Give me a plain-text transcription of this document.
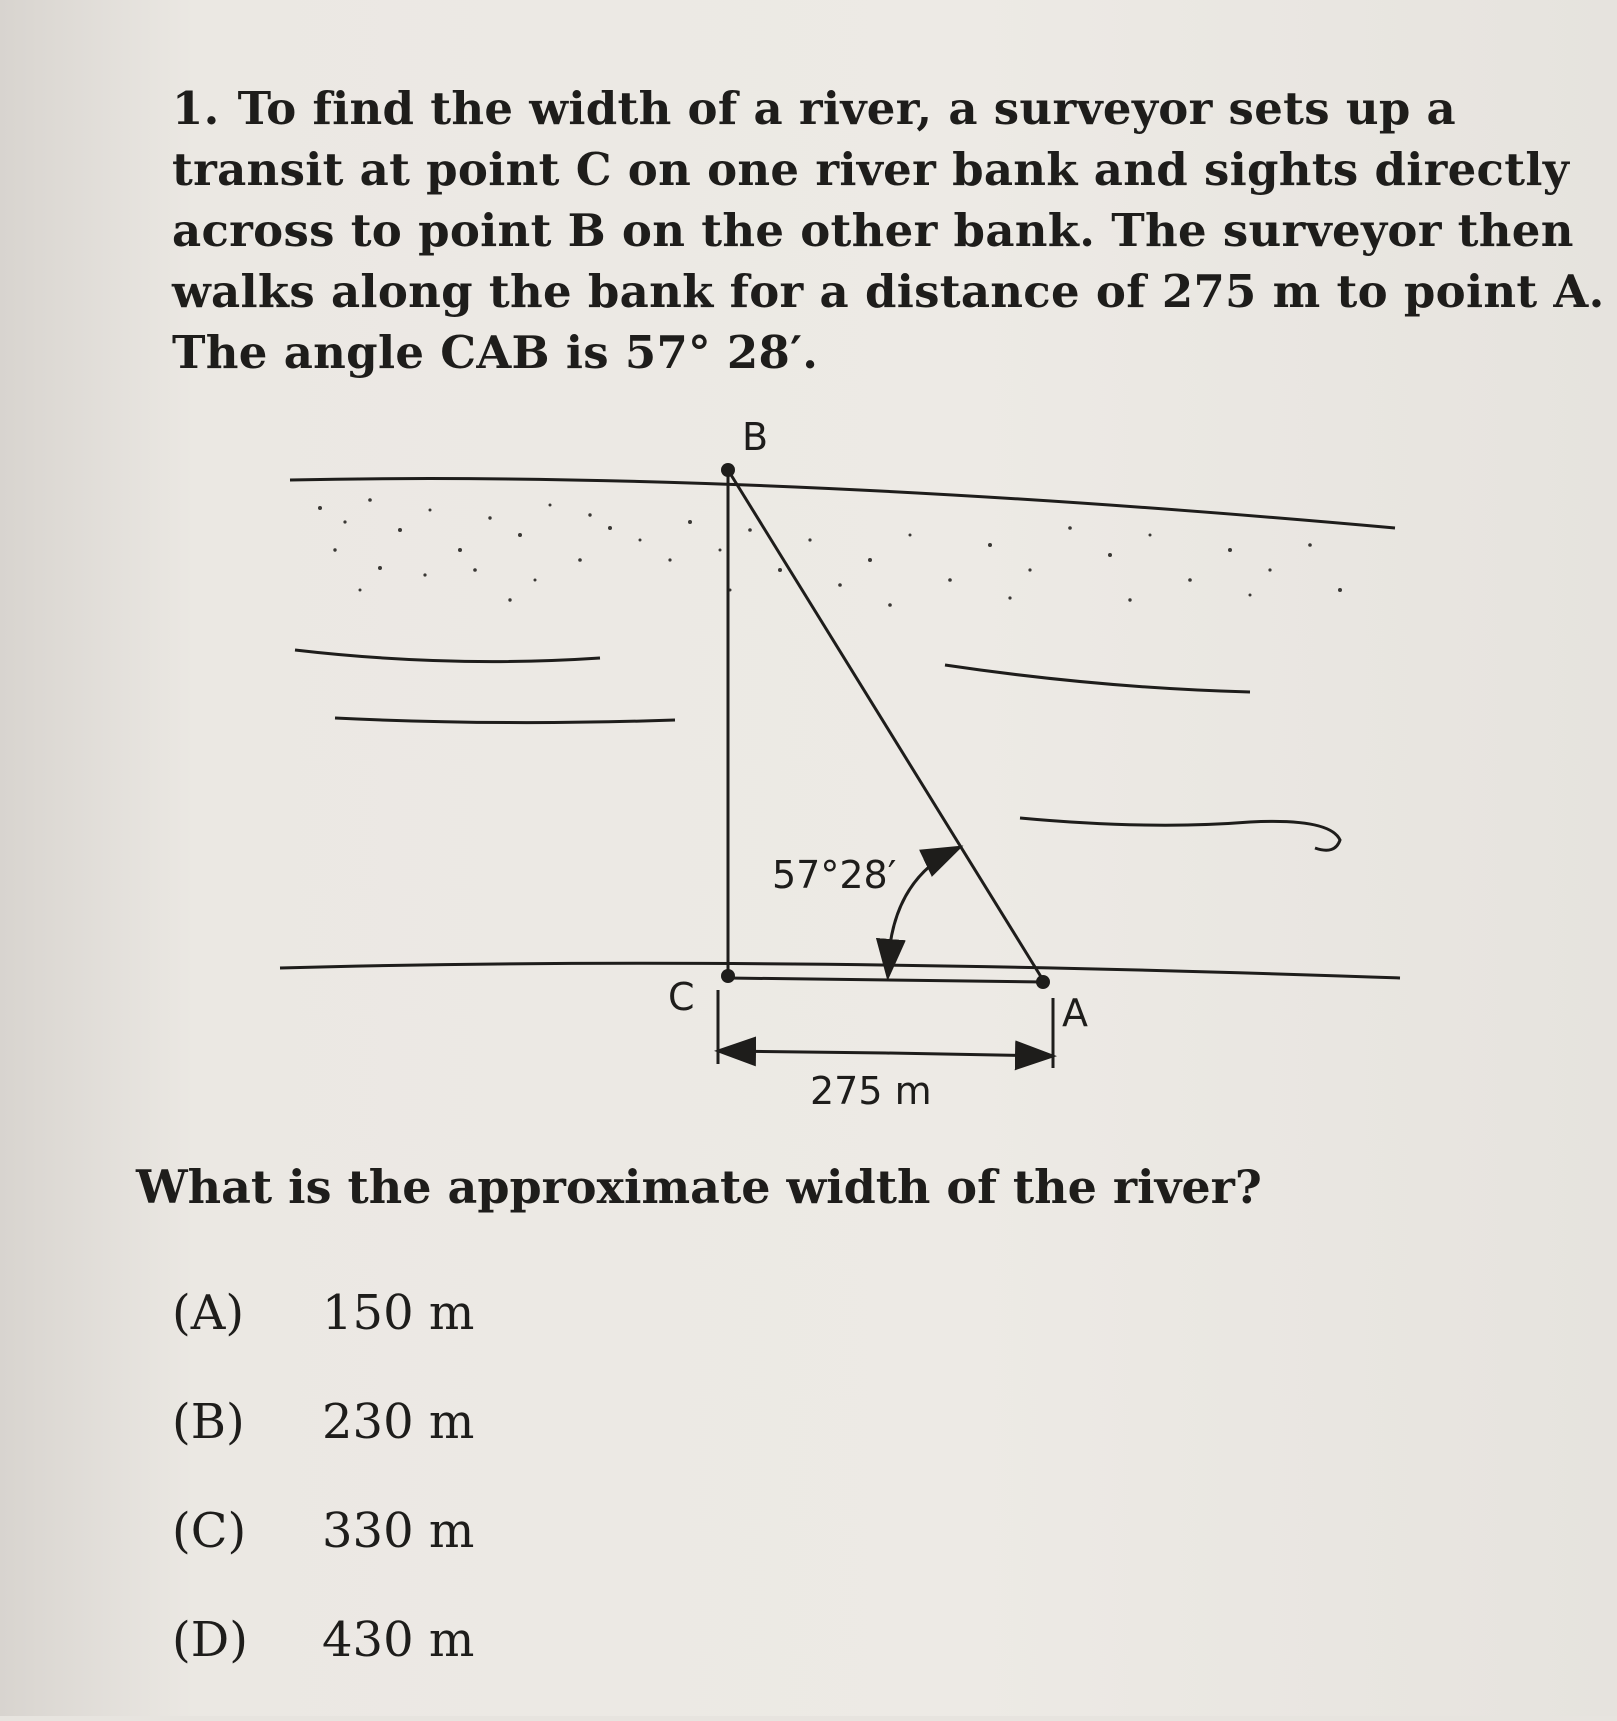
1. To find the width of a river, a surveyor sets up a
transit at point C on one river bank and sights directly
across to point B on the other bank. The surveyor then
walks along the bank for a distance of 275 m to point A.
The angle CAB is 57° 28′.
B
C	A
57°28′
275 m
What is the approximate width of the river?
(A)	150 m
(B)	230 m
(C)	330 m
(D)	430 m
